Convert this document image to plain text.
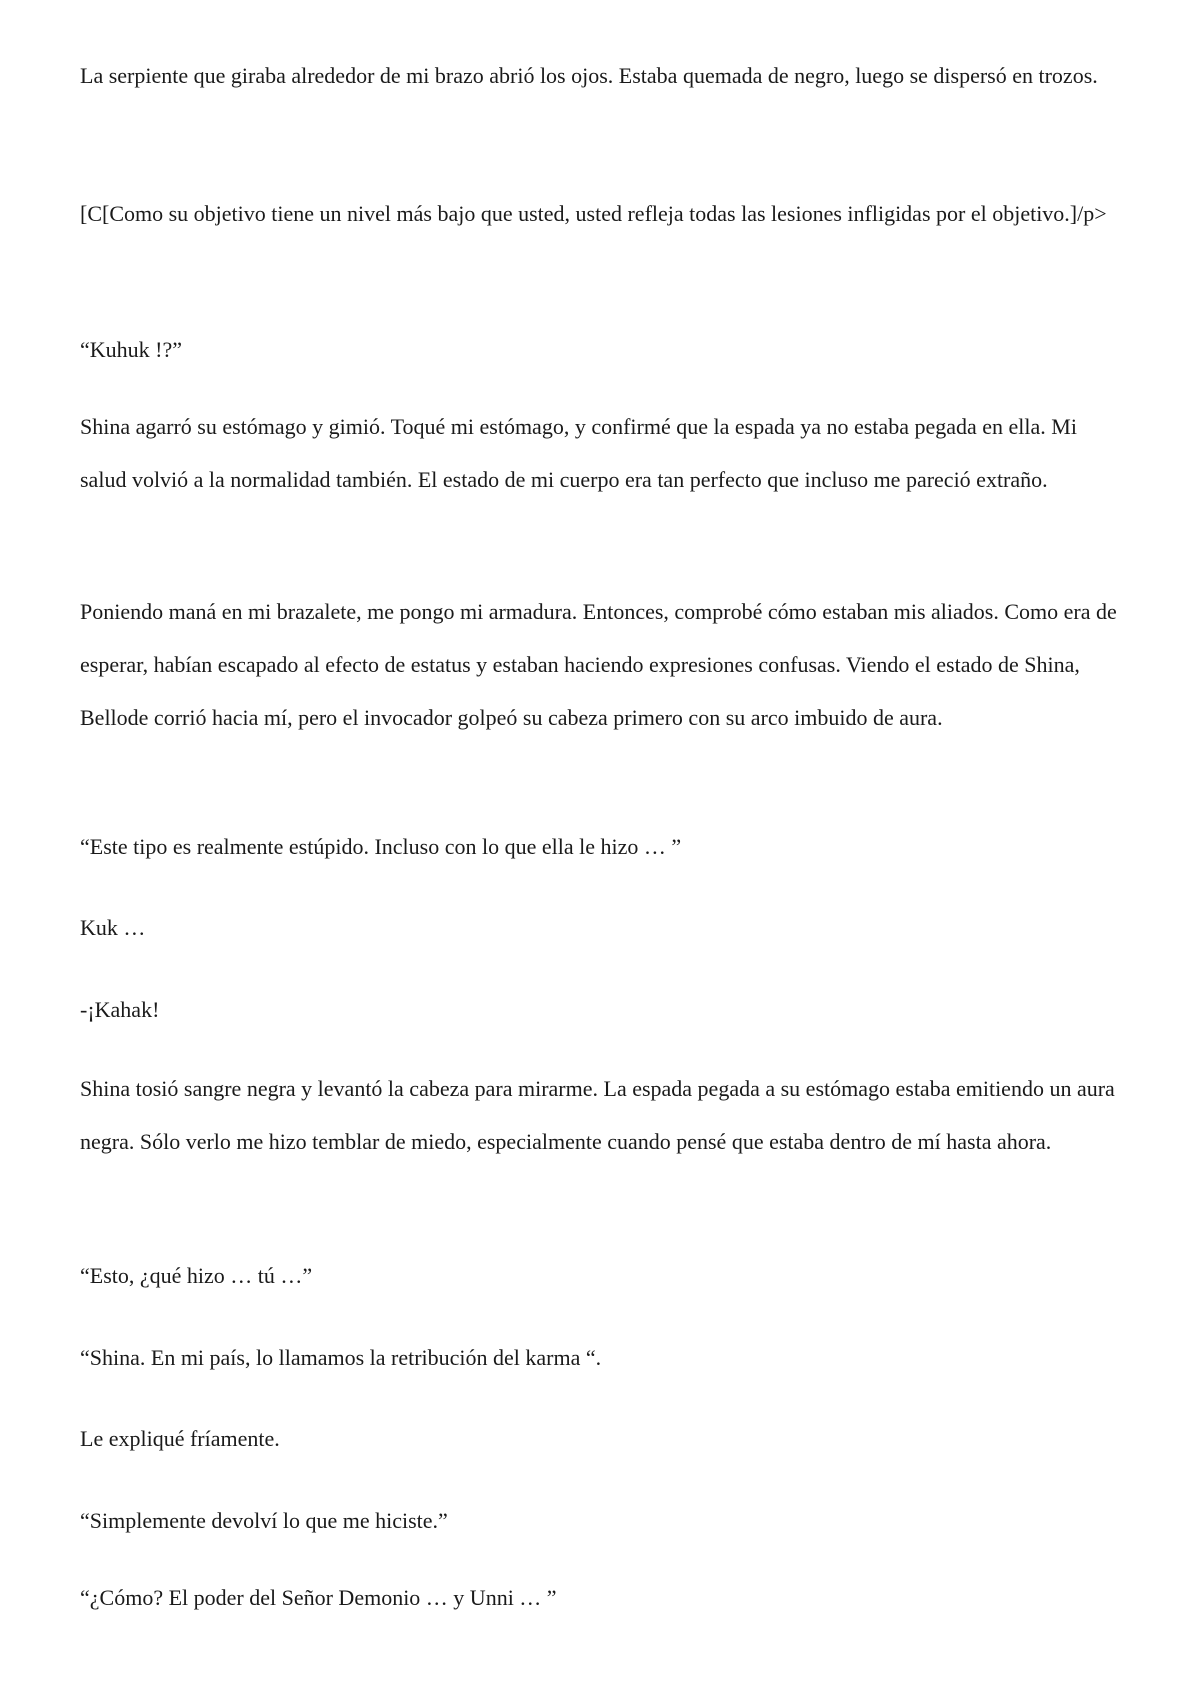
La serpiente que giraba alrededor de mi brazo abrió los ojos. Estaba quemada de negro, luego se dispersó en trozos.

[C[Como su objetivo tiene un nivel más bajo que usted, usted refleja todas las lesiones infligidas por el objetivo.]/p>

“Kuhuk !?”

Shina agarró su estómago y gimió. Toqué mi estómago, y confirmé que la espada ya no estaba pegada en ella. Mi salud volvió a la normalidad también. El estado de mi cuerpo era tan perfecto que incluso me pareció extraño.

Poniendo maná en mi brazalete, me pongo mi armadura. Entonces, comprobé cómo estaban mis aliados. Como era de esperar, habían escapado al efecto de estatus y estaban haciendo expresiones confusas. Viendo el estado de Shina, Bellode corrió hacia mí, pero el invocador golpeó su cabeza primero con su arco imbuido de aura.

“Este tipo es realmente estúpido. Incluso con lo que ella le hizo … ”

Kuk …

-¡Kahak!

Shina tosió sangre negra y levantó la cabeza para mirarme. La espada pegada a su estómago estaba emitiendo un aura negra. Sólo verlo me hizo temblar de miedo, especialmente cuando pensé que estaba dentro de mí hasta ahora.

“Esto, ¿qué hizo … tú …”

“Shina. En mi país, lo llamamos la retribución del karma “.

Le expliqué fríamente.

“Simplemente devolví lo que me hiciste.”

“¿Cómo? El poder del Señor Demonio … y Unni … ”
